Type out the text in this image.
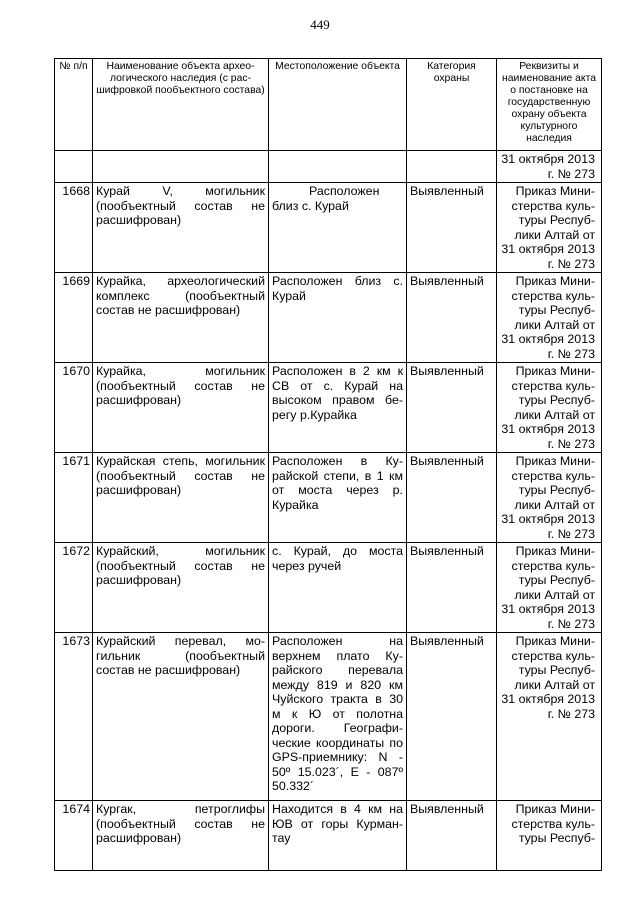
449
№ п/п	Наименование объекта археологического наследия (с расшифровкой пообъектного состава)	Местоположение объекта	Категория охраны	Реквизиты и наименование акта о постановке на государственную охрану объекта культурного наследия
				31 октября 2013 г. № 273
1668	Курай V, могильник (пообъектный состав не расшифрован)	Расположен близ с. Курай	Выявленный	Приказ Министерства культуры Республики Алтай от 31 октября 2013 г. № 273
1669	Курайка, археологический комплекс (пообъектный состав не расшифрован)	Расположен близ с. Курай	Выявленный	Приказ Министерства культуры Республики Алтай от 31 октября 2013 г. № 273
1670	Курайка, могильник (пообъектный состав не расшифрован)	Расположен в 2 км к СВ от с. Курай на высоком правом берегу р.Курайка	Выявленный	Приказ Министерства культуры Республики Алтай от 31 октября 2013 г. № 273
1671	Курайская степь, могильник (пообъектный состав не расшифрован)	Расположен в Курайской степи, в 1 км от моста через р. Курайка	Выявленный	Приказ Министерства культуры Республики Алтай от 31 октября 2013 г. № 273
1672	Курайский, могильник (пообъектный состав не расшифрован)	с. Курай, до моста через ручей	Выявленный	Приказ Министерства культуры Республики Алтай от 31 октября 2013 г. № 273
1673	Курайский перевал, могильник (пообъектный состав не расшифрован)	Расположен на верхнем плато Курайского перевала между 819 и 820 км Чуйского тракта в 30 м к Ю от полотна дороги. Географические координаты по GPS-приемнику: N - 50º 15.023´, E - 087º 50.332´	Выявленный	Приказ Министерства культуры Республики Алтай от 31 октября 2013 г. № 273
1674	Кургак, петроглифы (пообъектный состав не расшифрован)	Находится в 4 км на ЮВ от горы Курмантау	Выявленный	Приказ Министерства культуры Респуб-
